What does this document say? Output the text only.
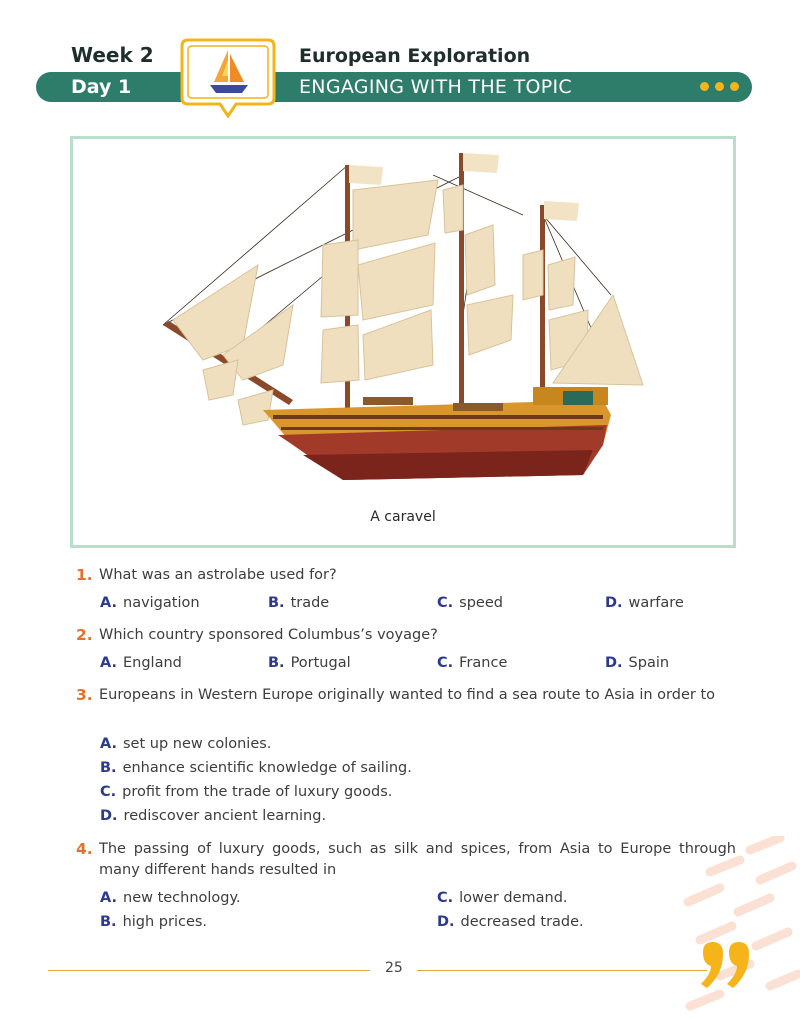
Week 2
Day 1
European Exploration
ENGAGING WITH THE TOPIC
A caravel
1. What was an astrolabe used for?
A. navigation	B. trade	C. speed	D. warfare
2. Which country sponsored Columbus’s voyage?
A. England	B. Portugal	C. France	D. Spain
3. Europeans in Western Europe originally wanted to find a sea route to Asia in order to
A. set up new colonies.
B. enhance scientific knowledge of sailing.
C. profit from the trade of luxury goods.
D. rediscover ancient learning.
4. The passing of luxury goods, such as silk and spices, from Asia to Europe through many different hands resulted in
A. new technology.
B. high prices.
C. lower demand.
D. decreased trade.
25
